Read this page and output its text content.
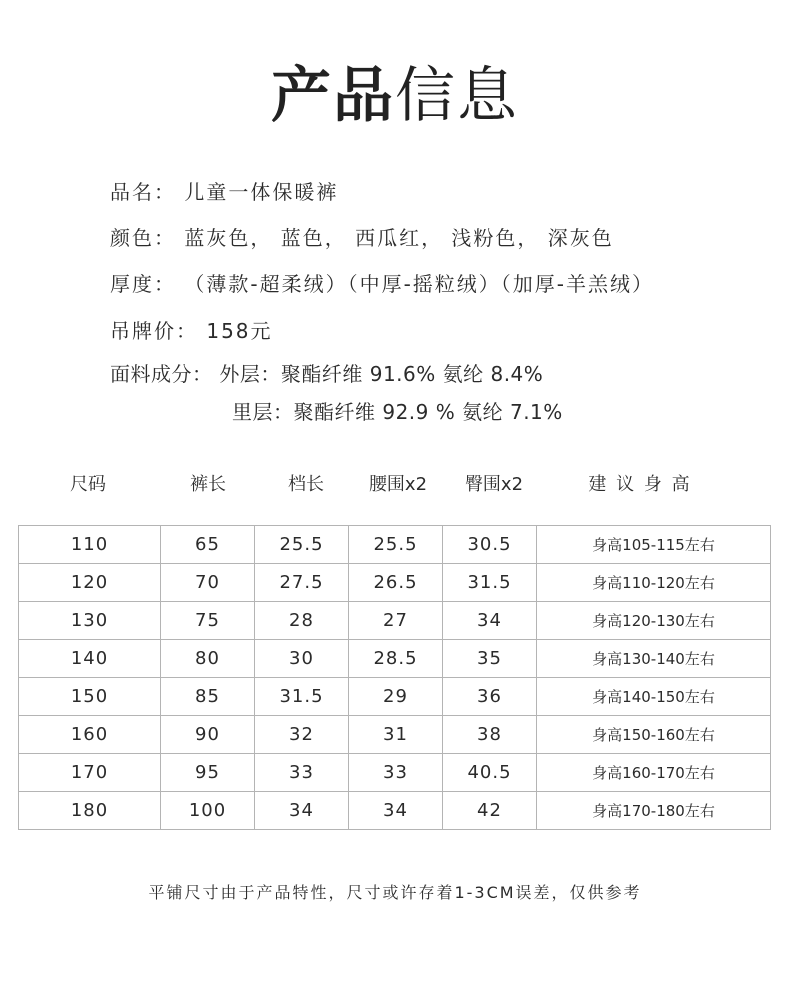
产品信息
品名： 儿童一体保暖裤
颜色： 蓝灰色， 蓝色， 西瓜红， 浅粉色， 深灰色
厚度： （薄款-超柔绒）（中厚-摇粒绒）（加厚-羊羔绒）
吊牌价： 158元
面料成分： 外层：聚酯纤维 91.6% 氨纶 8.4%
里层：聚酯纤维 92.9 % 氨纶 7.1%
尺码	裤长	档长	腰围x2	臀围x2	建 议 身 高
110	65	25.5	25.5	30.5	身高105-115左右
120	70	27.5	26.5	31.5	身高110-120左右
130	75	28	27	34	身高120-130左右
140	80	30	28.5	35	身高130-140左右
150	85	31.5	29	36	身高140-150左右
160	90	32	31	38	身高150-160左右
170	95	33	33	40.5	身高160-170左右
180	100	34	34	42	身高170-180左右
平铺尺寸由于产品特性，尺寸或许存着1-3CM误差，仅供参考
